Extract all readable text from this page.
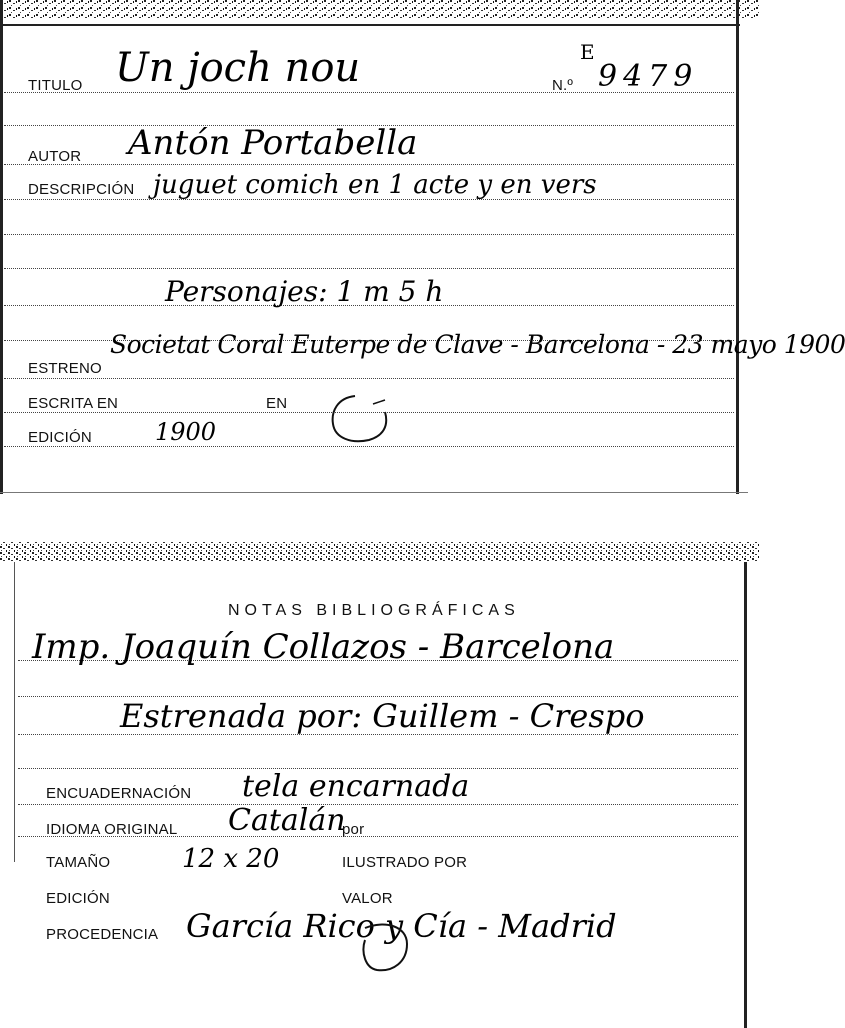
TITULO Un joch nou	N.º
E
9479
AUTOR Antón Portabella
DESCRIPCIÓN juguet comich en 1 acte y en vers
Personajes: 1 m 5 h
ESTRENO
Societat Coral Euterpe de Clave - Barcelona - 23 mayo 1900
ESCRITA EN	EN
EDICIÓN	1900
NOTAS BIBLIOGRÁFICAS
Imp. Joaquín Collazos - Barcelona
Estrenada por: Guillem - Crespo
ENCUADERNACIÓN tela encarnada
IDIOMA ORIGINAL Catalán
por
TAMAÑO	12 x 20	ILUSTRADO POR
EDICIÓN	VALOR
PROCEDENCIA García Rico y Cía - Madrid
